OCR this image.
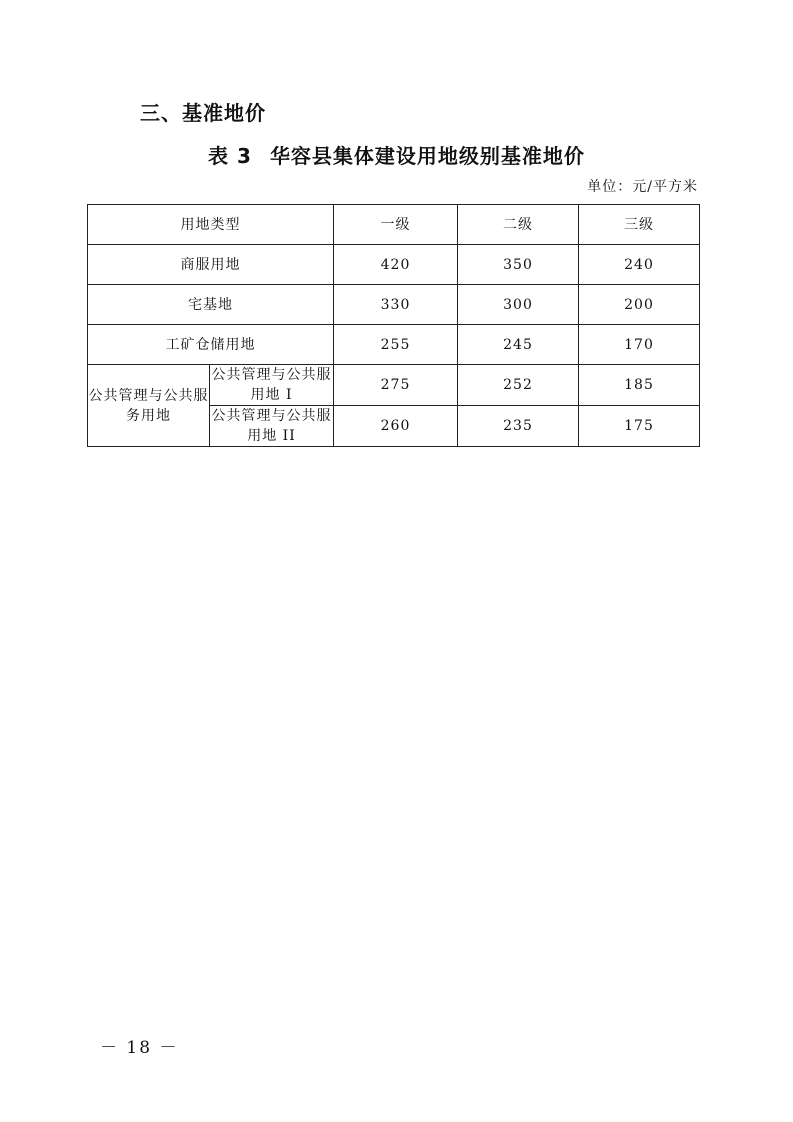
三、基准地价
表 3 华容县集体建设用地级别基准地价
单位：元/平方米
用地类型		一级	二级	三级
商服用地		420	350	240
宅基地		330	300	200
工矿仓储用地		255	245	170
公共管理与公共服务用地	公共管理与公共服用地 I	275	252	185
	公共管理与公共服用地 II	260	235	175
－ 18 －
